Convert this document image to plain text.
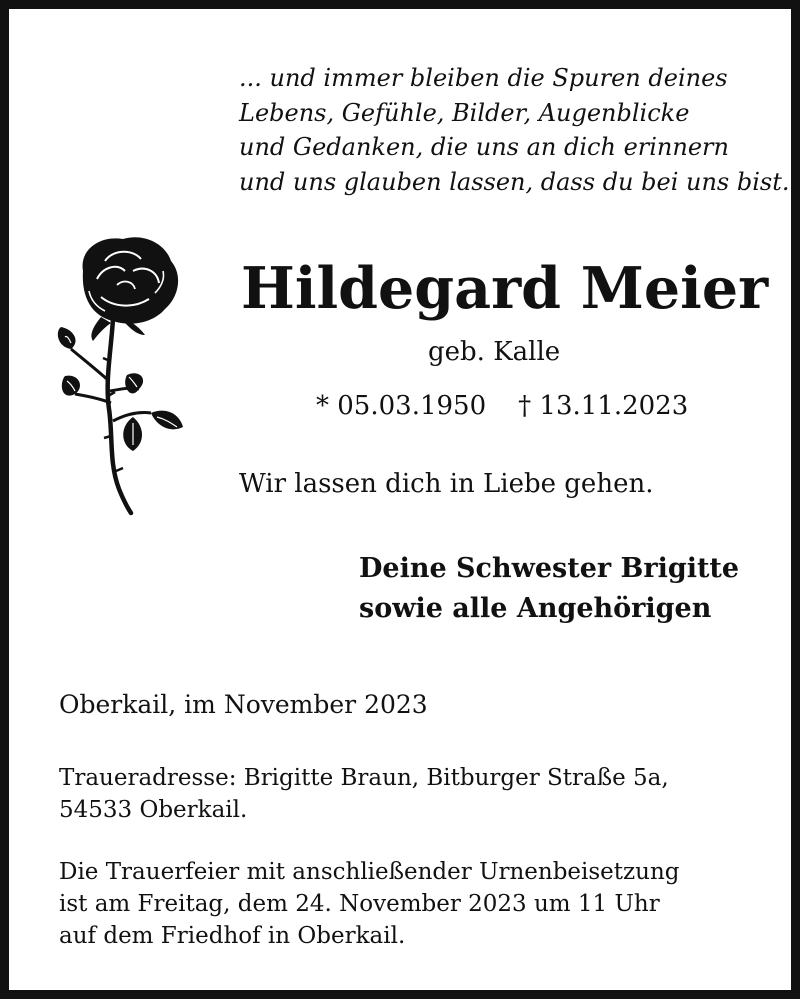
... und immer bleiben die Spuren deines
Lebens, Gefühle, Bilder, Augenblicke
und Gedanken, die uns an dich erinnern
und uns glauben lassen, dass du bei uns bist.
Hildegard Meier
geb. Kalle
* 05.03.1950 † 13.11.2023
Wir lassen dich in Liebe gehen.
Deine Schwester Brigitte
sowie alle Angehörigen
Oberkail, im November 2023
Traueradresse: Brigitte Braun, Bitburger Straße 5a,
54533 Oberkail.
Die Trauerfeier mit anschließender Urnenbeisetzung
ist am Freitag, dem 24. November 2023 um 11 Uhr
auf dem Friedhof in Oberkail.
